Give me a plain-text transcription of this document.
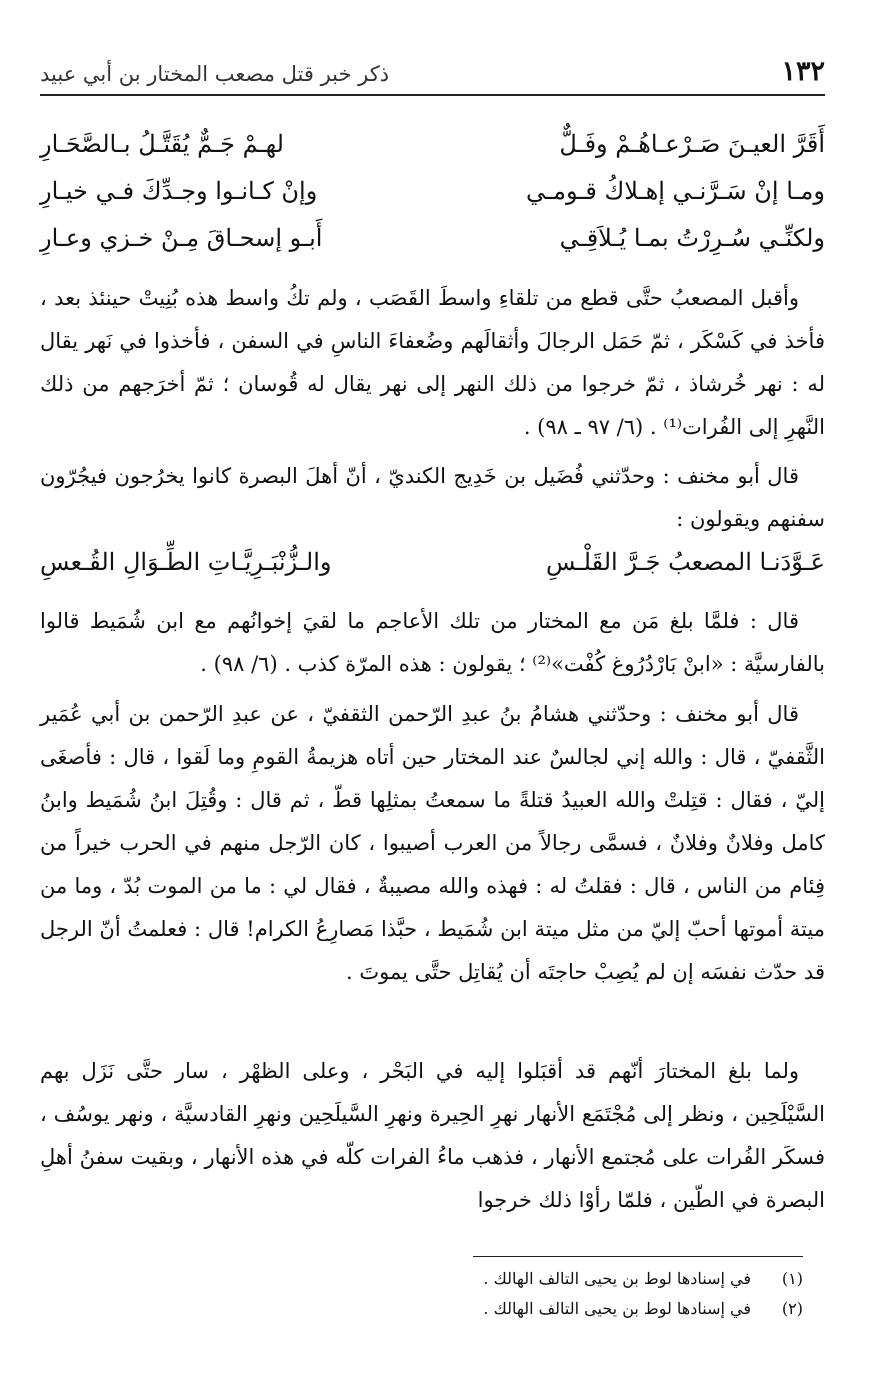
١٣٢
ذكر خبر قتل مصعب المختار بن أبي عبيد
أَقَرَّ العيـنَ صَـرْعـاهُـمْ وفَـلٌّ
لهـمْ جَـمٌّ يُقَتَّـلُ بـالصَّحَـارِ
ومـا إنْ سَـرَّنـي إهـلاكُ قـومـي
وإنْ كـانـوا وجـدِّكَ فـي خيـارِ
ولكنِّـي سُـرِرْتُ بمـا يُـلاَقِـي
أَبـو إسحـاقَ مِـنْ خـزي وعـارِ
وأقبل المصعبُ حتَّى قطع من تلقاءِ واسطَ القَصَب ، ولم تكُ واسط هذه بُنِيتْ حينئذ بعد ، فأخذ في كَسْكَر ، ثمّ حَمَل الرجالَ وأثقالَهم وضُعفاءَ الناسِ في السفن ، فأخذوا في نَهر يقال له : نهر خُرشاذ ، ثمّ خرجوا من ذلك النهر إلى نهر يقال له قُوسان ؛ ثمّ أخرَجهم من ذلك النَّهرِ إلى الفُرات⁽¹⁾ . (٦/ ٩٧ ـ ٩٨) .
قال أبو مخنف : وحدّثني فُضَيل بن خَدِيج الكنديّ ، أنّ أهلَ البصرة كانوا يخرُجون فيجُرّون سفنهم ويقولون :
عَـوَّدَنـا المصعبُ جَـرَّ القَلْـسِ
والـزُّنْبَـرِيَّـاتِ الطِّـوَالِ القُـعسِ
قال : فلمَّا بلغ مَن مع المختار من تلك الأعاجم ما لقيَ إخوانُهم مع ابن شُمَيط قالوا بالفارسيَّة : «ابنْ بَارْدُرُوغ كُفْت»⁽²⁾ ؛ يقولون : هذه المرّة كذب . (٦/ ٩٨) .
قال أبو مخنف : وحدّثني هشامُ بنُ عبدِ الرّحمن الثقفيّ ، عن عبدِ الرّحمن بن أبي عُمَير الثَّقفيّ ، قال : والله إني لجالسٌ عند المختار حين أتاه هزيمةُ القومِ وما لَقوا ، قال : فأصغَى إليّ ، فقال : قتِلتْ والله العبيدُ قتلةً ما سمعتُ بمثلِها قطّ ، ثم قال : وقُتِلَ ابنُ شُمَيط وابنُ كامل وفلانٌ وفلانٌ ، فسمَّى رجالاً من العرب أصيبوا ، كان الرّجل منهم في الحرب خيراً من فِئام من الناس ، قال : فقلتُ له : فهذه والله مصيبةٌ ، فقال لي : ما من الموت بُدّ ، وما من ميتة أموتها أحبّ إليّ من مثل ميتة ابن شُمَيط ، حبَّذا مَصارِعُ الكرام! قال : فعلمتُ أنّ الرجل قد حدّث نفسَه إن لم يُصِبْ حاجتَه أن يُقاتِل حتَّى يموتَ .
ولما بلغ المختارَ أنّهم قد أقبَلوا إليه في البَحْر ، وعلى الظهْر ، سار حتَّى نَزَل بهم السَّيْلَحِين ، ونظر إلى مُجْتَمَع الأنهار نهرِ الحِيرة ونهرِ السَّيلَحِين ونهرِ القادسيَّة ، ونهر يوسُف ، فسكَر الفُرات على مُجتمع الأنهار ، فذهب ماءُ الفرات كلّه في هذه الأنهار ، وبقيت سفنُ أهلِ البصرة في الطّين ، فلمّا رأوْا ذلك خرجوا
(١)في إسنادها لوط بن يحيى التالف الهالك .
(٢)في إسنادها لوط بن يحيى التالف الهالك .
